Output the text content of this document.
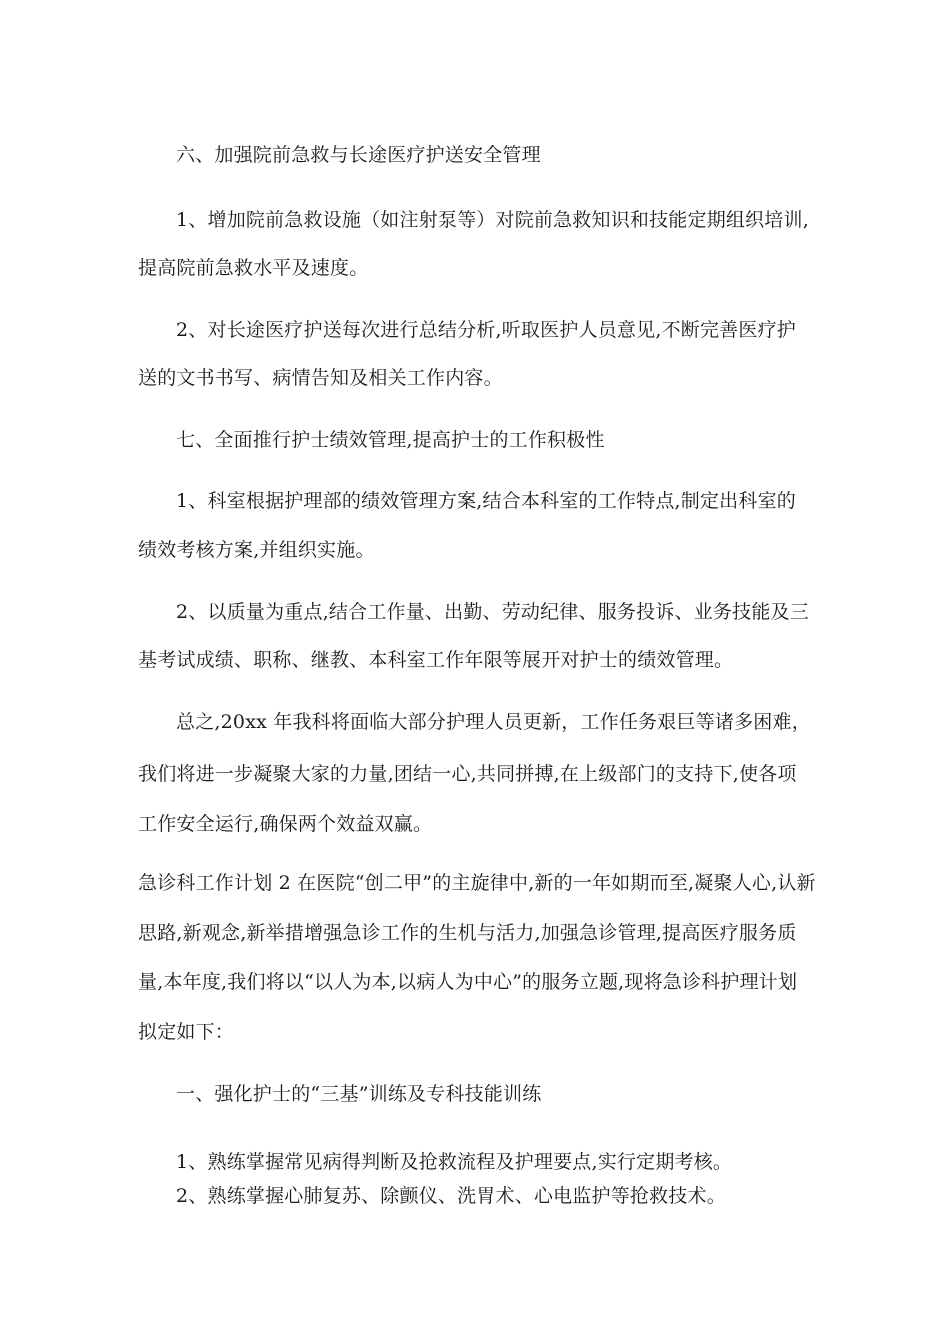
六、加强院前急救与长途医疗护送安全管理
1、增加院前急救设施（如注射泵等）对院前急救知识和技能定期组织培训,
提高院前急救水平及速度。
2、对长途医疗护送每次进行总结分析,听取医护人员意见,不断完善医疗护
送的文书书写、病情告知及相关工作内容。
七、全面推行护士绩效管理,提高护士的工作积极性
1、科室根据护理部的绩效管理方案,结合本科室的工作特点,制定出科室的
绩效考核方案,并组织实施。
2、以质量为重点,结合工作量、出勤、劳动纪律、服务投诉、业务技能及三
基考试成绩、职称、继教、本科室工作年限等展开对护士的绩效管理。
总之,20xx 年我科将面临大部分护理人员更新，工作任务艰巨等诸多困难，
我们将进一步凝聚大家的力量,团结一心,共同拼搏,在上级部门的支持下,使各项
工作安全运行,确保两个效益双赢。
急诊科工作计划 2 在医院“创二甲”的主旋律中,新的一年如期而至,凝聚人心,认新
思路,新观念,新举措增强急诊工作的生机与活力,加强急诊管理,提高医疗服务质
量,本年度,我们将以“以人为本,以病人为中心”的服务立题,现将急诊科护理计划
拟定如下：
一、强化护士的“三基”训练及专科技能训练
1、熟练掌握常见病得判断及抢救流程及护理要点,实行定期考核。
2、熟练掌握心肺复苏、除颤仪、洗胃术、心电监护等抢救技术。
